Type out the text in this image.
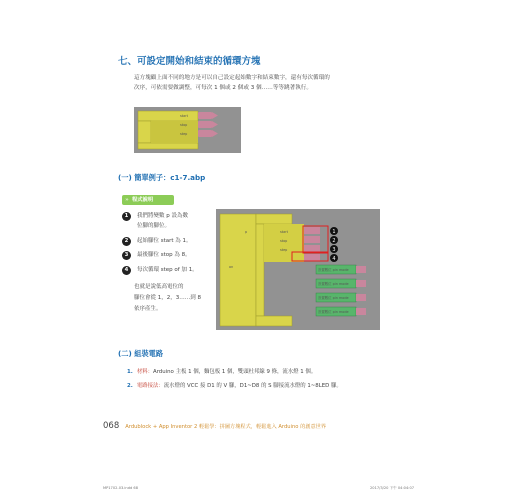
七、可設定開始和結束的循環方塊
這方塊顧上面不同的地方是可以自己設定起始數字和結束數字，還有每次循環的
次序，可依需要做調整，可每次 1 個或 2 個或 3 個……等等跳著執行。
start
stop
step
(一) 簡單例子：c1-7.abp
» 程式說明
1 我們將變數 p 設為數
位腳的腳位。
2 起始腳位 start 為 1。
3 最後腳位 stop 為 8。
4 每次循環 step of 加 1。
也就是說低高電位的
腳位會從 1，2，3……到 8
依序產生。
on
p	start
stop
step
1
2
3
4
設置數位 pin mode
設置數位 pin mode
設置數位 pin mode
設置數位 pin mode
(二) 組裝電路
1. 材料：Arduino 主板 1 個，麵包板 1 個，雙頭杜邦線 9 條，流水燈 1 個。
2. 電路接法：流水燈的 VCC 接 D1 的 V 腳，D1~D8 的 S 腳接流水燈的 1~8LED 腳。
068 Ardublock + App Inventor 2 輕鬆學：拼圖方塊程式，輕鬆進入 Arduino 的創意世界
MP1702-03.indd 68	2017/3/20 下午 04:04:07
